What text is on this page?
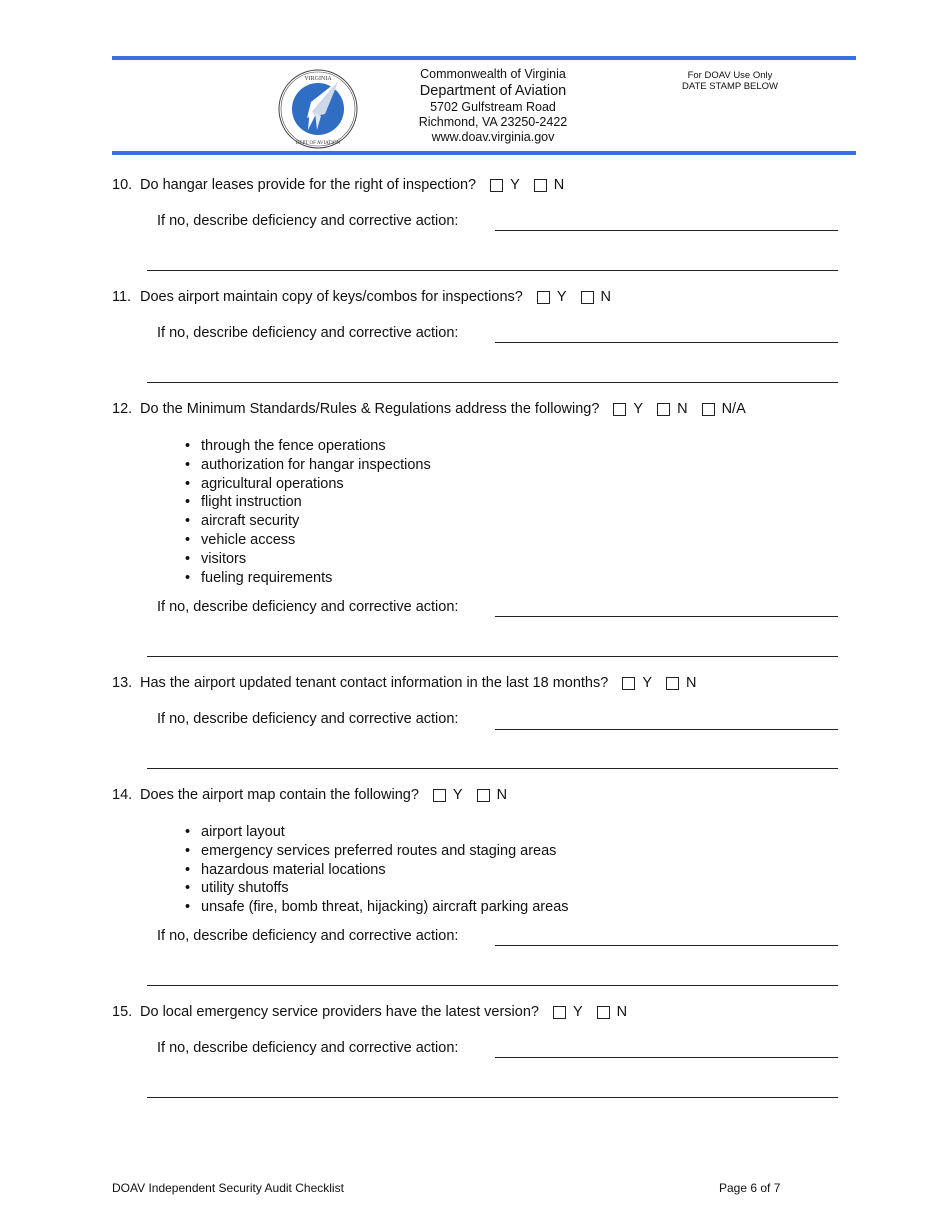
VIRGINIA
DEPT OF AVIATION
Commonwealth of Virginia
Department of Aviation
5702 Gulfstream Road
Richmond, VA 23250-2422
www.doav.virginia.gov
For DOAV Use Only
DATE STAMP BELOW
10. Do hangar leases provide for the right of inspection? Y N
If no, describe deficiency and corrective action:
11. Does airport maintain copy of keys/combos for inspections? Y N
If no, describe deficiency and corrective action:
12. Do the Minimum Standards/Rules & Regulations address the following? Y N N/A
• through the fence operations
• authorization for hangar inspections
• agricultural operations
• flight instruction
• aircraft security
• vehicle access
• visitors
• fueling requirements
If no, describe deficiency and corrective action:
13. Has the airport updated tenant contact information in the last 18 months? Y N
If no, describe deficiency and corrective action:
14. Does the airport map contain the following? Y N
• airport layout
• emergency services preferred routes and staging areas
• hazardous material locations
• utility shutoffs
• unsafe (fire, bomb threat, hijacking) aircraft parking areas
If no, describe deficiency and corrective action:
15. Do local emergency service providers have the latest version? Y N
If no, describe deficiency and corrective action:
DOAV Independent Security Audit Checklist	Page 6 of 7
